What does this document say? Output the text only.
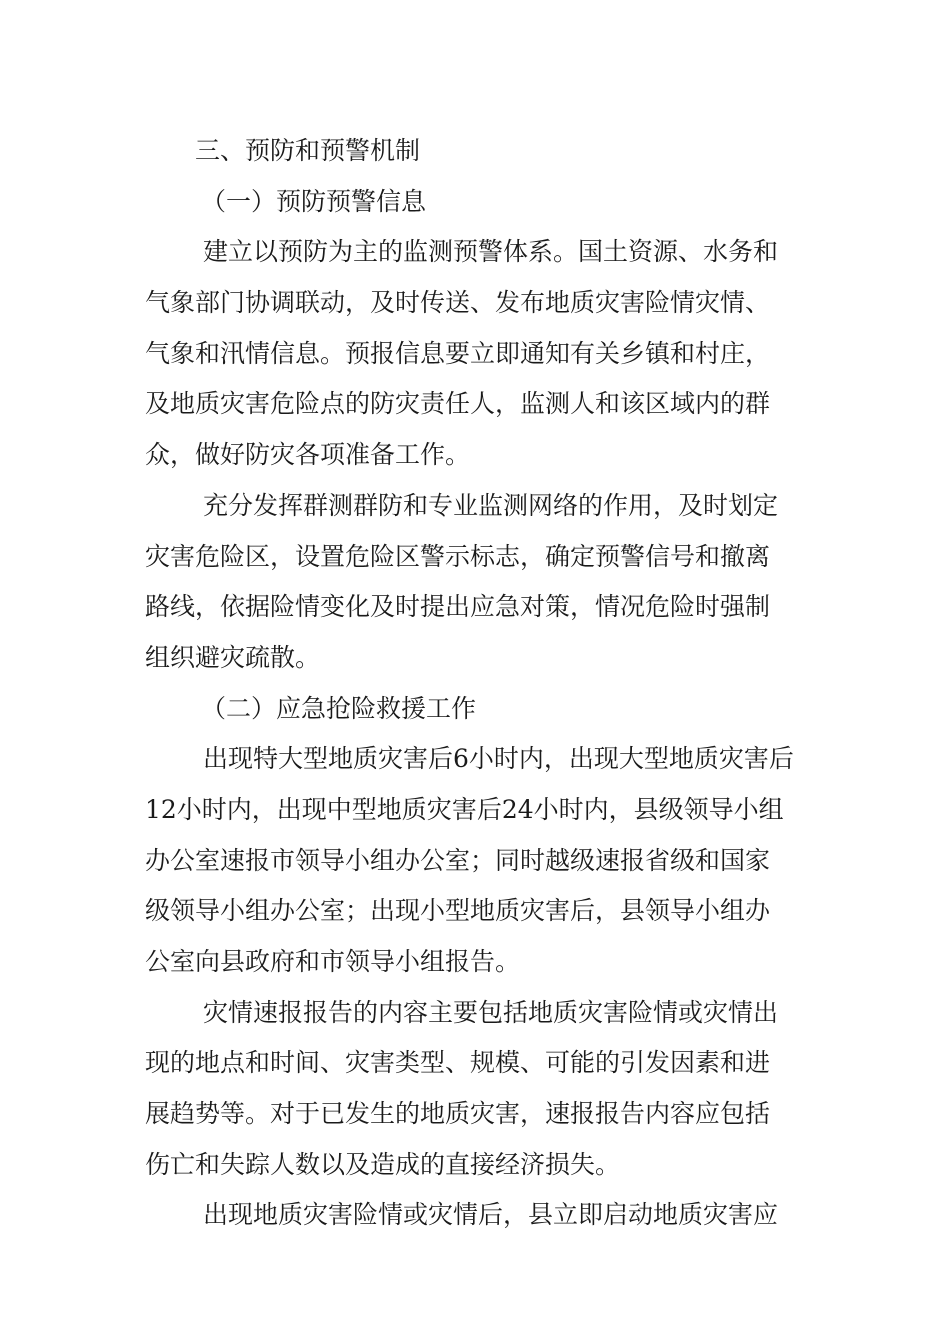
三、预防和预警机制
（一）预防预警信息
建立以预防为主的监测预警体系。国土资源、水务和
气象部门协调联动，及时传送、发布地质灾害险情灾情、
气象和汛情信息。预报信息要立即通知有关乡镇和村庄，
及地质灾害危险点的防灾责任人，监测人和该区域内的群
众，做好防灾各项准备工作。
充分发挥群测群防和专业监测网络的作用，及时划定
灾害危险区，设置危险区警示标志，确定预警信号和撤离
路线，依据险情变化及时提出应急对策，情况危险时强制
组织避灾疏散。
（二）应急抢险救援工作
出现特大型地质灾害后6小时内，出现大型地质灾害后
12小时内，出现中型地质灾害后24小时内，县级领导小组
办公室速报市领导小组办公室；同时越级速报省级和国家
级领导小组办公室；出现小型地质灾害后，县领导小组办
公室向县政府和市领导小组报告。
灾情速报报告的内容主要包括地质灾害险情或灾情出
现的地点和时间、灾害类型、规模、可能的引发因素和进
展趋势等。对于已发生的地质灾害，速报报告内容应包括
伤亡和失踪人数以及造成的直接经济损失。
出现地质灾害险情或灾情后，县立即启动地质灾害应
